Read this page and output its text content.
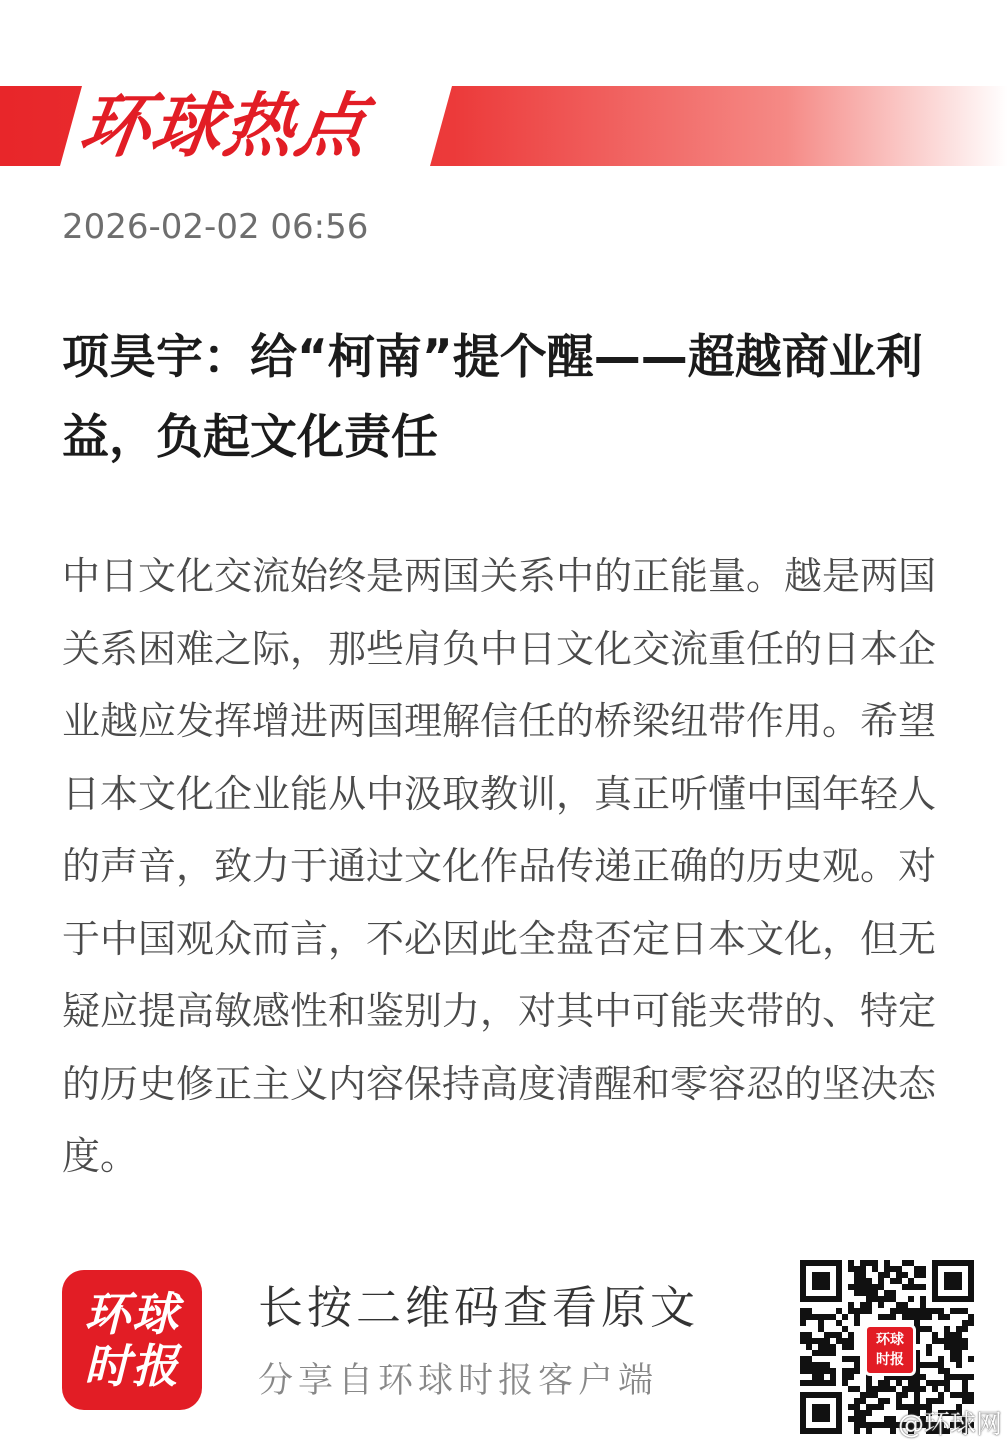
环球热点
2026-02-02 06:56
项昊宇：给“柯南”提个醒——超越商业利益，负起文化责任

中日文化交流始终是两国关系中的正能量。越是两国关系困难之际，那些肩负中日文化交流重任的日本企业越应发挥增进两国理解信任的桥梁纽带作用。希望日本文化企业能从中汲取教训，真正听懂中国年轻人的声音，致力于通过文化作品传递正确的历史观。对于中国观众而言，不必因此全盘否定日本文化，但无疑应提高敏感性和鉴别力，对其中可能夹带的、特定的历史修正主义内容保持高度清醒和零容忍的坚决态度。

环球
时报
长按二维码查看原文
分享自环球时报客户端
环球
时报
@环球网
